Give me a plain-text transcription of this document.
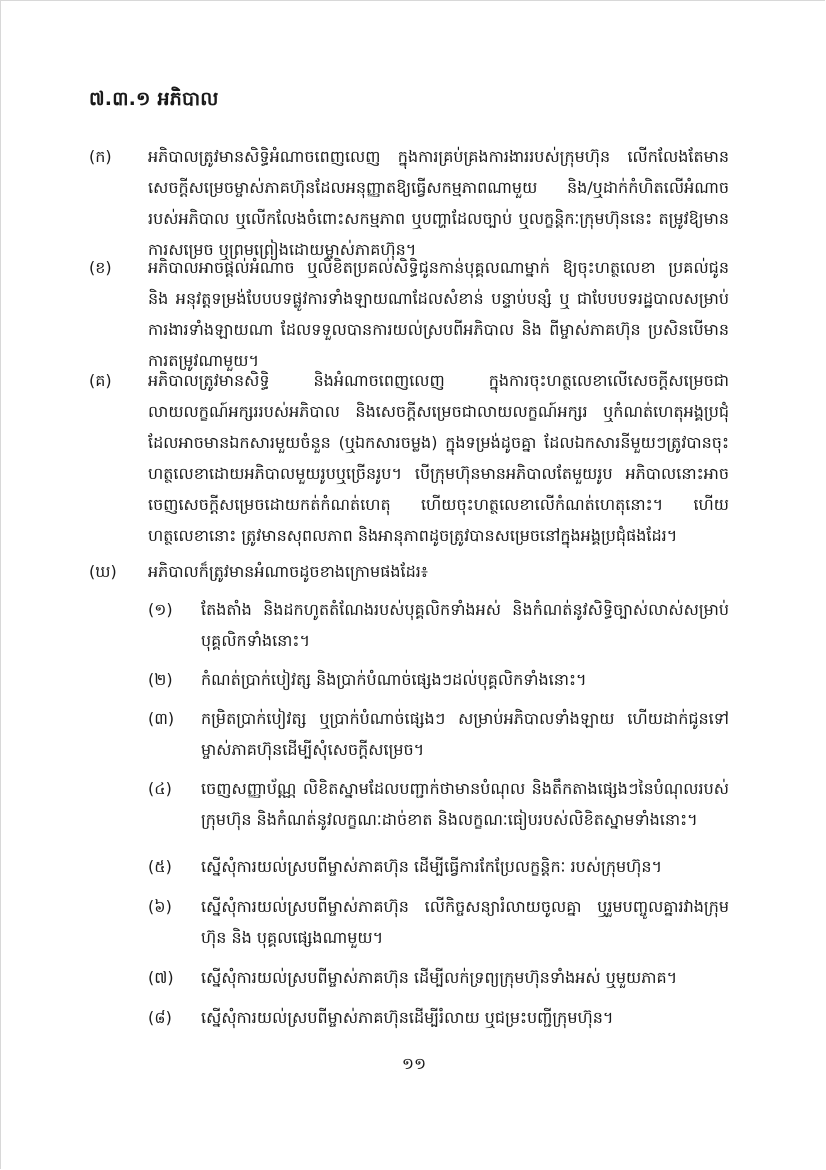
៧.៣.១ អភិបាល
(ក)	អភិបាលត្រូវមានសិទ្ធិអំណាចពេញលេញ ក្នុងការគ្រប់គ្រងការងាររបស់ក្រុមហ៊ុន លើកលែងតែមានសេចក្តីសម្រេចម្ចាស់ភាគហ៊ុនដែលអនុញ្ញាតឱ្យធ្វើសកម្មភាពណាមួយ និង/ឬដាក់កំហិតលើអំណាចរបស់អភិបាល ឬលើកលែងចំពោះសកម្មភាព ឬបញ្ហាដែលច្បាប់ ឬលក្ខន្តិកៈក្រុមហ៊ុននេះ តម្រូវឱ្យមានការសម្រេច ឬព្រមព្រៀងដោយម្ចាស់ភាគហ៊ុន។
(ខ)	អភិបាលអាចផ្តល់អំណាច ឬលិខិតប្រគល់សិទ្ធិជូនកាន់បុគ្គលណាម្នាក់ ឱ្យចុះហត្ថលេខា ប្រគល់ជូន និង អនុវត្តទម្រង់បែបបទផ្លូវការទាំងឡាយណាដែលសំខាន់ បន្ទាប់បន្សំ ឬ ជាបែបបទរដ្ឋបាលសម្រាប់ការងារទាំងឡាយណា ដែលទទួលបានការយល់ស្របពីអភិបាល និង ពីម្ចាស់ភាគហ៊ុន ប្រសិនបើមានការតម្រូវណាមួយ។
(គ)	អភិបាលត្រូវមានសិទ្ធិ និងអំណាចពេញលេញ ក្នុងការចុះហត្ថលេខាលើសេចក្តីសម្រេចជាលាយលក្ខណ៍អក្សររបស់អភិបាល និងសេចក្តីសម្រេចជាលាយលក្ខណ៍អក្សរ ឬកំណត់ហេតុអង្គប្រជុំដែលអាចមានឯកសារមួយចំនួន (ឬឯកសារចម្លង) ក្នុងទម្រង់ដូចគ្នា ដែលឯកសារនីមួយៗត្រូវបានចុះហត្ថលេខាដោយអភិបាលមួយរូបឬច្រើនរូប។ បើក្រុមហ៊ុនមានអភិបាលតែមួយរូប អភិបាលនោះអាចចេញសេចក្តីសម្រេចដោយកត់កំណត់ហេតុ ហើយចុះហត្ថលេខាលើកំណត់ហេតុនោះ។ ហើយហត្ថលេខានោះ ត្រូវមានសុពលភាព និងអានុភាពដូចត្រូវបានសម្រេចនៅក្នុងអង្គប្រជុំផងដែរ។
(ឃ)	អភិបាលក៏ត្រូវមានអំណាចដូចខាងក្រោមផងដែរ៖
(១)	តែងតាំង និងដកហូតតំណែងរបស់បុគ្គលិកទាំងអស់ និងកំណត់នូវសិទ្ធិច្បាស់លាស់សម្រាប់បុគ្គលិកទាំងនោះ។
(២)	កំណត់ប្រាក់បៀវត្ស និងប្រាក់បំណាច់ផ្សេងៗដល់បុគ្គលិកទាំងនោះ។
(៣)	កម្រិតប្រាក់បៀវត្ស ឬប្រាក់បំណាច់ផ្សេងៗ សម្រាប់អភិបាលទាំងឡាយ ហើយដាក់ជូនទៅម្ចាស់ភាគហ៊ុនដើម្បីសុំសេចក្តីសម្រេច។
(៤)	ចេញសញ្ញាប័ណ្ណ លិខិតស្នាមដែលបញ្ជាក់ថាមានបំណុល និងតឹកតាងផ្សេងៗនៃបំណុលរបស់ក្រុមហ៊ុន និងកំណត់នូវលក្ខណៈដាច់ខាត និងលក្ខណៈធៀបរបស់លិខិតស្នាមទាំងនោះ។
(៥)	ស្នើសុំការយល់ស្របពីម្ចាស់ភាគហ៊ុន ដើម្បីធ្វើការកែប្រែលក្ខន្តិកៈ របស់ក្រុមហ៊ុន។
(៦)	ស្នើសុំការយល់ស្របពីម្ចាស់ភាគហ៊ុន លើកិច្ចសន្យារំលាយចូលគ្នា ឬរួមបញ្ចូលគ្នារវាងក្រុមហ៊ុន និង បុគ្គលផ្សេងណាមួយ។
(៧)	ស្នើសុំការយល់ស្របពីម្ចាស់ភាគហ៊ុន ដើម្បីលក់ទ្រព្យក្រុមហ៊ុនទាំងអស់ ឬមួយភាគ។
(៨)	ស្នើសុំការយល់ស្របពីម្ចាស់ភាគហ៊ុនដើម្បីរំលាយ ឬជម្រះបញ្ជីក្រុមហ៊ុន។
១១
